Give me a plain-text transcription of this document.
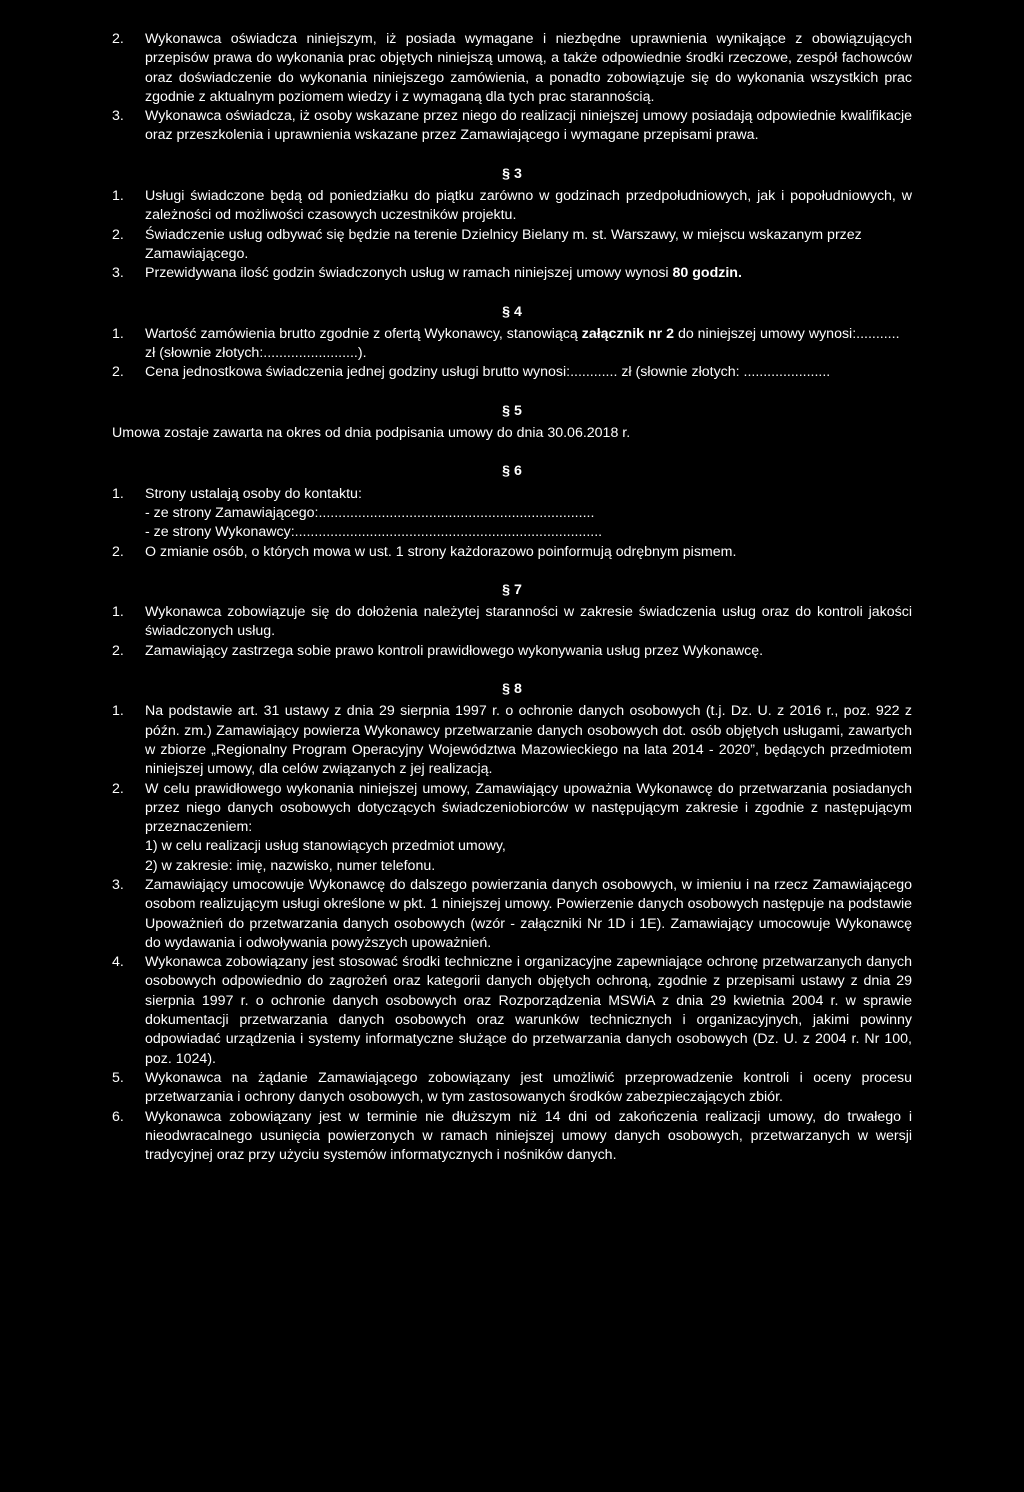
2.	Wykonawca oświadcza niniejszym, iż posiada wymagane i niezbędne uprawnienia wynikające z obowiązujących przepisów prawa do wykonania prac objętych niniejszą umową, a także odpowiednie środki rzeczowe, zespół fachowców oraz doświadczenie do wykonania niniejszego zamówienia, a ponadto zobowiązuje się do wykonania wszystkich prac zgodnie z aktualnym poziomem wiedzy i z wymaganą dla tych prac starannością.
3.	Wykonawca oświadcza, iż osoby wskazane przez niego do realizacji niniejszej umowy posiadają odpowiednie kwalifikacje oraz przeszkolenia i uprawnienia wskazane przez Zamawiającego i wymagane przepisami prawa.
§ 3
1.	Usługi świadczone będą od poniedziałku do piątku zarówno w godzinach przedpołudniowych, jak i popołudniowych, w zależności od możliwości czasowych uczestników projektu.
2.	Świadczenie usług odbywać się będzie na terenie Dzielnicy Bielany m. st. Warszawy, w miejscu wskazanym przez Zamawiającego.
3.	Przewidywana ilość godzin świadczonych usług w ramach niniejszej umowy wynosi 80 godzin.
§ 4
1.	Wartość zamówienia brutto zgodnie z ofertą Wykonawcy, stanowiącą załącznik nr 2 do niniejszej umowy wynosi:........... zł (słownie złotych:........................).
2.	Cena jednostkowa świadczenia jednej godziny usługi brutto wynosi:............ zł (słownie złotych: ......................
§ 5
Umowa zostaje zawarta na okres od dnia podpisania umowy do dnia 30.06.2018 r.
§ 6
1.	Strony ustalają osoby do kontaktu:
- ze strony Zamawiającego:......................................................................
- ze strony Wykonawcy:..............................................................................
2.	O zmianie osób, o których mowa w ust. 1 strony każdorazowo poinformują odrębnym pismem.
§ 7
1.	Wykonawca zobowiązuje się do dołożenia należytej staranności w zakresie świadczenia usług oraz do kontroli jakości świadczonych usług.
2.	Zamawiający zastrzega sobie prawo kontroli prawidłowego wykonywania usług przez Wykonawcę.
§ 8
1.	Na podstawie art. 31 ustawy z dnia 29 sierpnia 1997 r. o ochronie danych osobowych (t.j. Dz. U. z 2016 r., poz. 922 z późn. zm.) Zamawiający powierza Wykonawcy przetwarzanie danych osobowych dot. osób objętych usługami, zawartych w zbiorze „Regionalny Program Operacyjny Województwa Mazowieckiego na lata 2014 - 2020”, będących przedmiotem niniejszej umowy, dla celów związanych z jej realizacją.
2.	W celu prawidłowego wykonania niniejszej umowy, Zamawiający upoważnia Wykonawcę do przetwarzania posiadanych przez niego danych osobowych dotyczących świadczeniobiorców w następującym zakresie i zgodnie z następującym przeznaczeniem:
1) w celu realizacji usług stanowiących przedmiot umowy,
2) w zakresie: imię, nazwisko, numer telefonu.
3.	Zamawiający umocowuje Wykonawcę do dalszego powierzania danych osobowych, w imieniu i na rzecz Zamawiającego osobom realizującym usługi określone w pkt. 1 niniejszej umowy. Powierzenie danych osobowych następuje na podstawie Upoważnień do przetwarzania danych osobowych (wzór - załączniki Nr 1D i 1E). Zamawiający umocowuje Wykonawcę do wydawania i odwoływania powyższych upoważnień.
4.	Wykonawca zobowiązany jest stosować środki techniczne i organizacyjne zapewniające ochronę przetwarzanych danych osobowych odpowiednio do zagrożeń oraz kategorii danych objętych ochroną, zgodnie z przepisami ustawy z dnia 29 sierpnia 1997 r. o ochronie danych osobowych oraz Rozporządzenia MSWiA z dnia 29 kwietnia 2004 r. w sprawie dokumentacji przetwarzania danych osobowych oraz warunków technicznych i organizacyjnych, jakimi powinny odpowiadać urządzenia i systemy informatyczne służące do przetwarzania danych osobowych (Dz. U. z 2004 r. Nr 100, poz. 1024).
5.	Wykonawca na żądanie Zamawiającego zobowiązany jest umożliwić przeprowadzenie kontroli i oceny procesu przetwarzania i ochrony danych osobowych, w tym zastosowanych środków zabezpieczających zbiór.
6.	Wykonawca zobowiązany jest w terminie nie dłuższym niż 14 dni od zakończenia realizacji umowy, do trwałego i nieodwracalnego usunięcia powierzonych w ramach niniejszej umowy danych osobowych, przetwarzanych w wersji tradycyjnej oraz przy użyciu systemów informatycznych i nośników danych.
